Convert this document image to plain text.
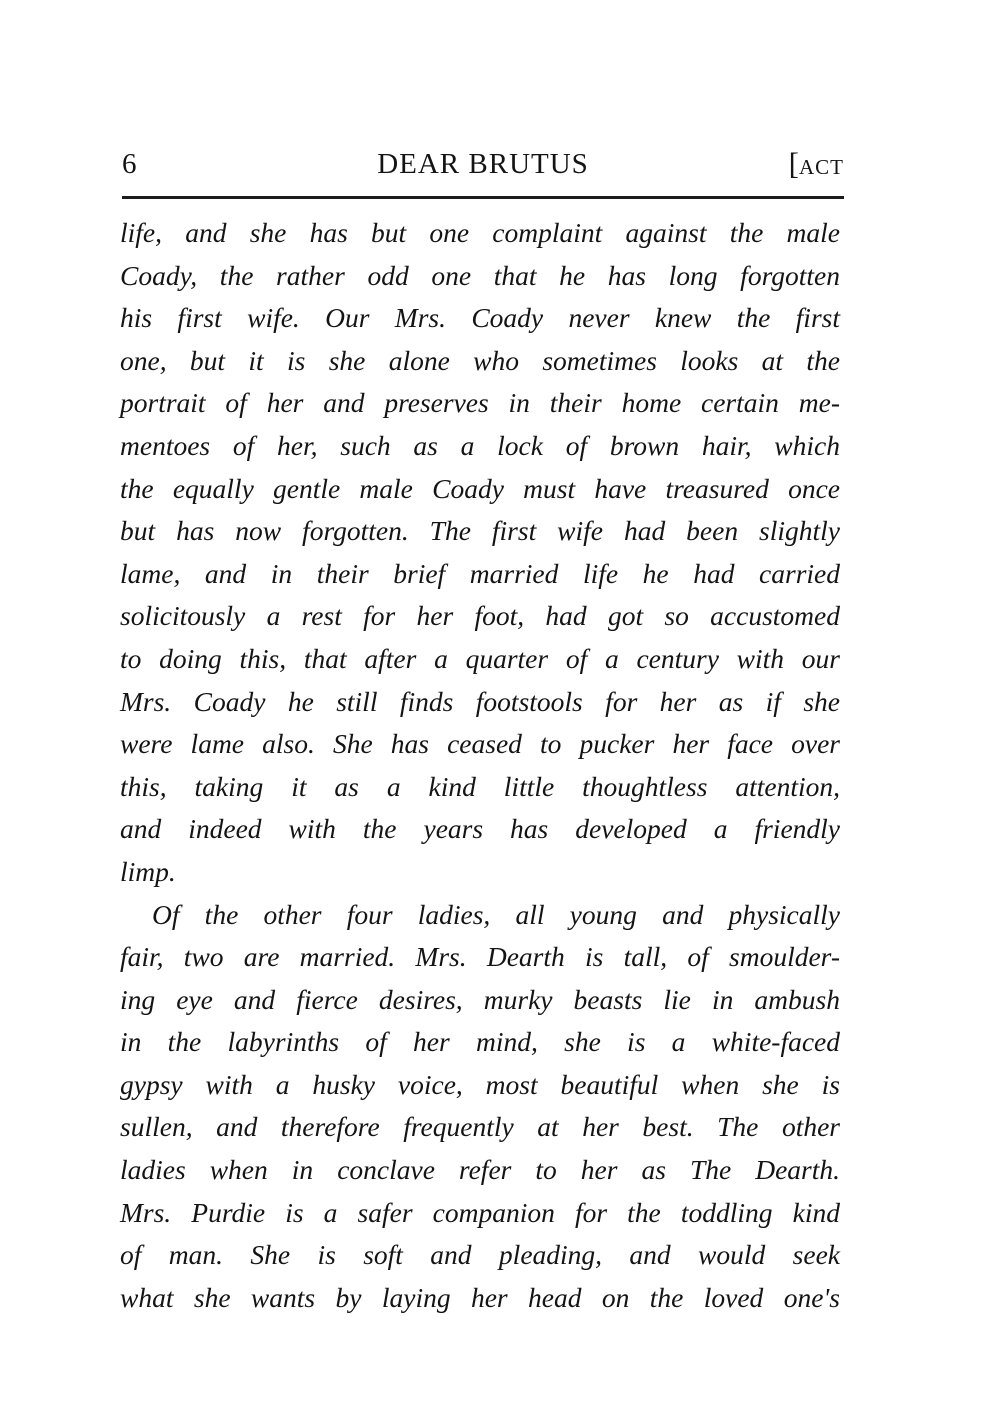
6	DEAR BRUTUS	[ACT
life, and she has but one complaint against the male
Coady, the rather odd one that he has long forgotten
his first wife. Our Mrs. Coady never knew the first
one, but it is she alone who sometimes looks at the
portrait of her and preserves in their home certain me-
mentoes of her, such as a lock of brown hair, which
the equally gentle male Coady must have treasured once
but has now forgotten. The first wife had been slightly
lame, and in their brief married life he had carried
solicitously a rest for her foot, had got so accustomed
to doing this, that after a quarter of a century with our
Mrs. Coady he still finds footstools for her as if she
were lame also. She has ceased to pucker her face over
this, taking it as a kind little thoughtless attention,
and indeed with the years has developed a friendly
limp.
Of the other four ladies, all young and physically
fair, two are married. Mrs. Dearth is tall, of smoulder-
ing eye and fierce desires, murky beasts lie in ambush
in the labyrinths of her mind, she is a white-faced
gypsy with a husky voice, most beautiful when she is
sullen, and therefore frequently at her best. The other
ladies when in conclave refer to her as The Dearth.
Mrs. Purdie is a safer companion for the toddling kind
of man. She is soft and pleading, and would seek
what she wants by laying her head on the loved one's
